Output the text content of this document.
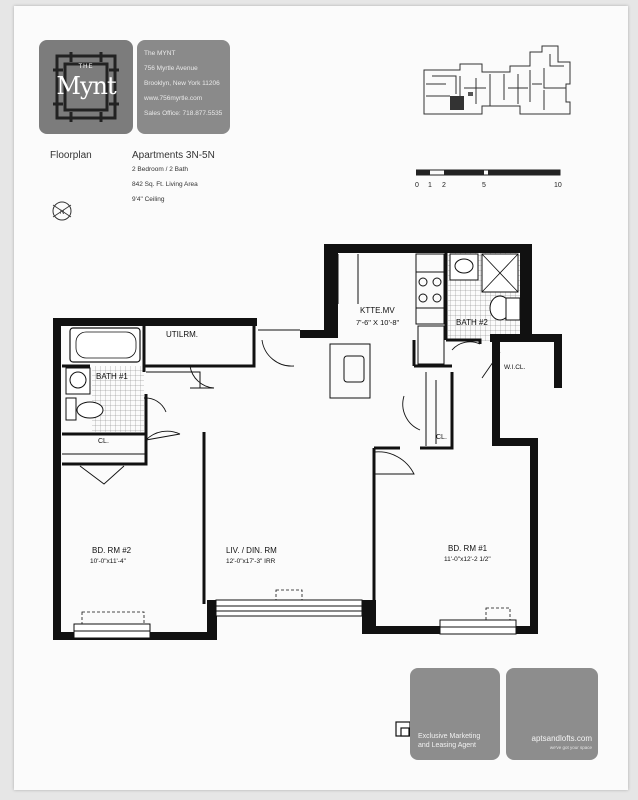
THE
Mynt
The MYNT
756 Myrtle Avenue
Brooklyn, New York 11206
www.756myrtle.com
Sales Office: 718.877.5535
Floorplan	Apartments 3N-5N
2 Bedroom / 2 Bath
842 Sq. Ft. Living Area
9'4" Ceiling
N
0 1 2	5	10
KTTE.MV
7'-6" X 10'-8"
UTILRM.
BATH #1
BATH #2
W.I.CL.
CL.
CL.
BD. RM #2
10'-0"x11'-4"
LIV. / DIN. RM
12'-0"x17'-3" IRR
BD. RM #1
11'-0"x12'-2 1/2"
Exclusive Marketing
and Leasing Agent
aptsandlofts.com
we've got your space
